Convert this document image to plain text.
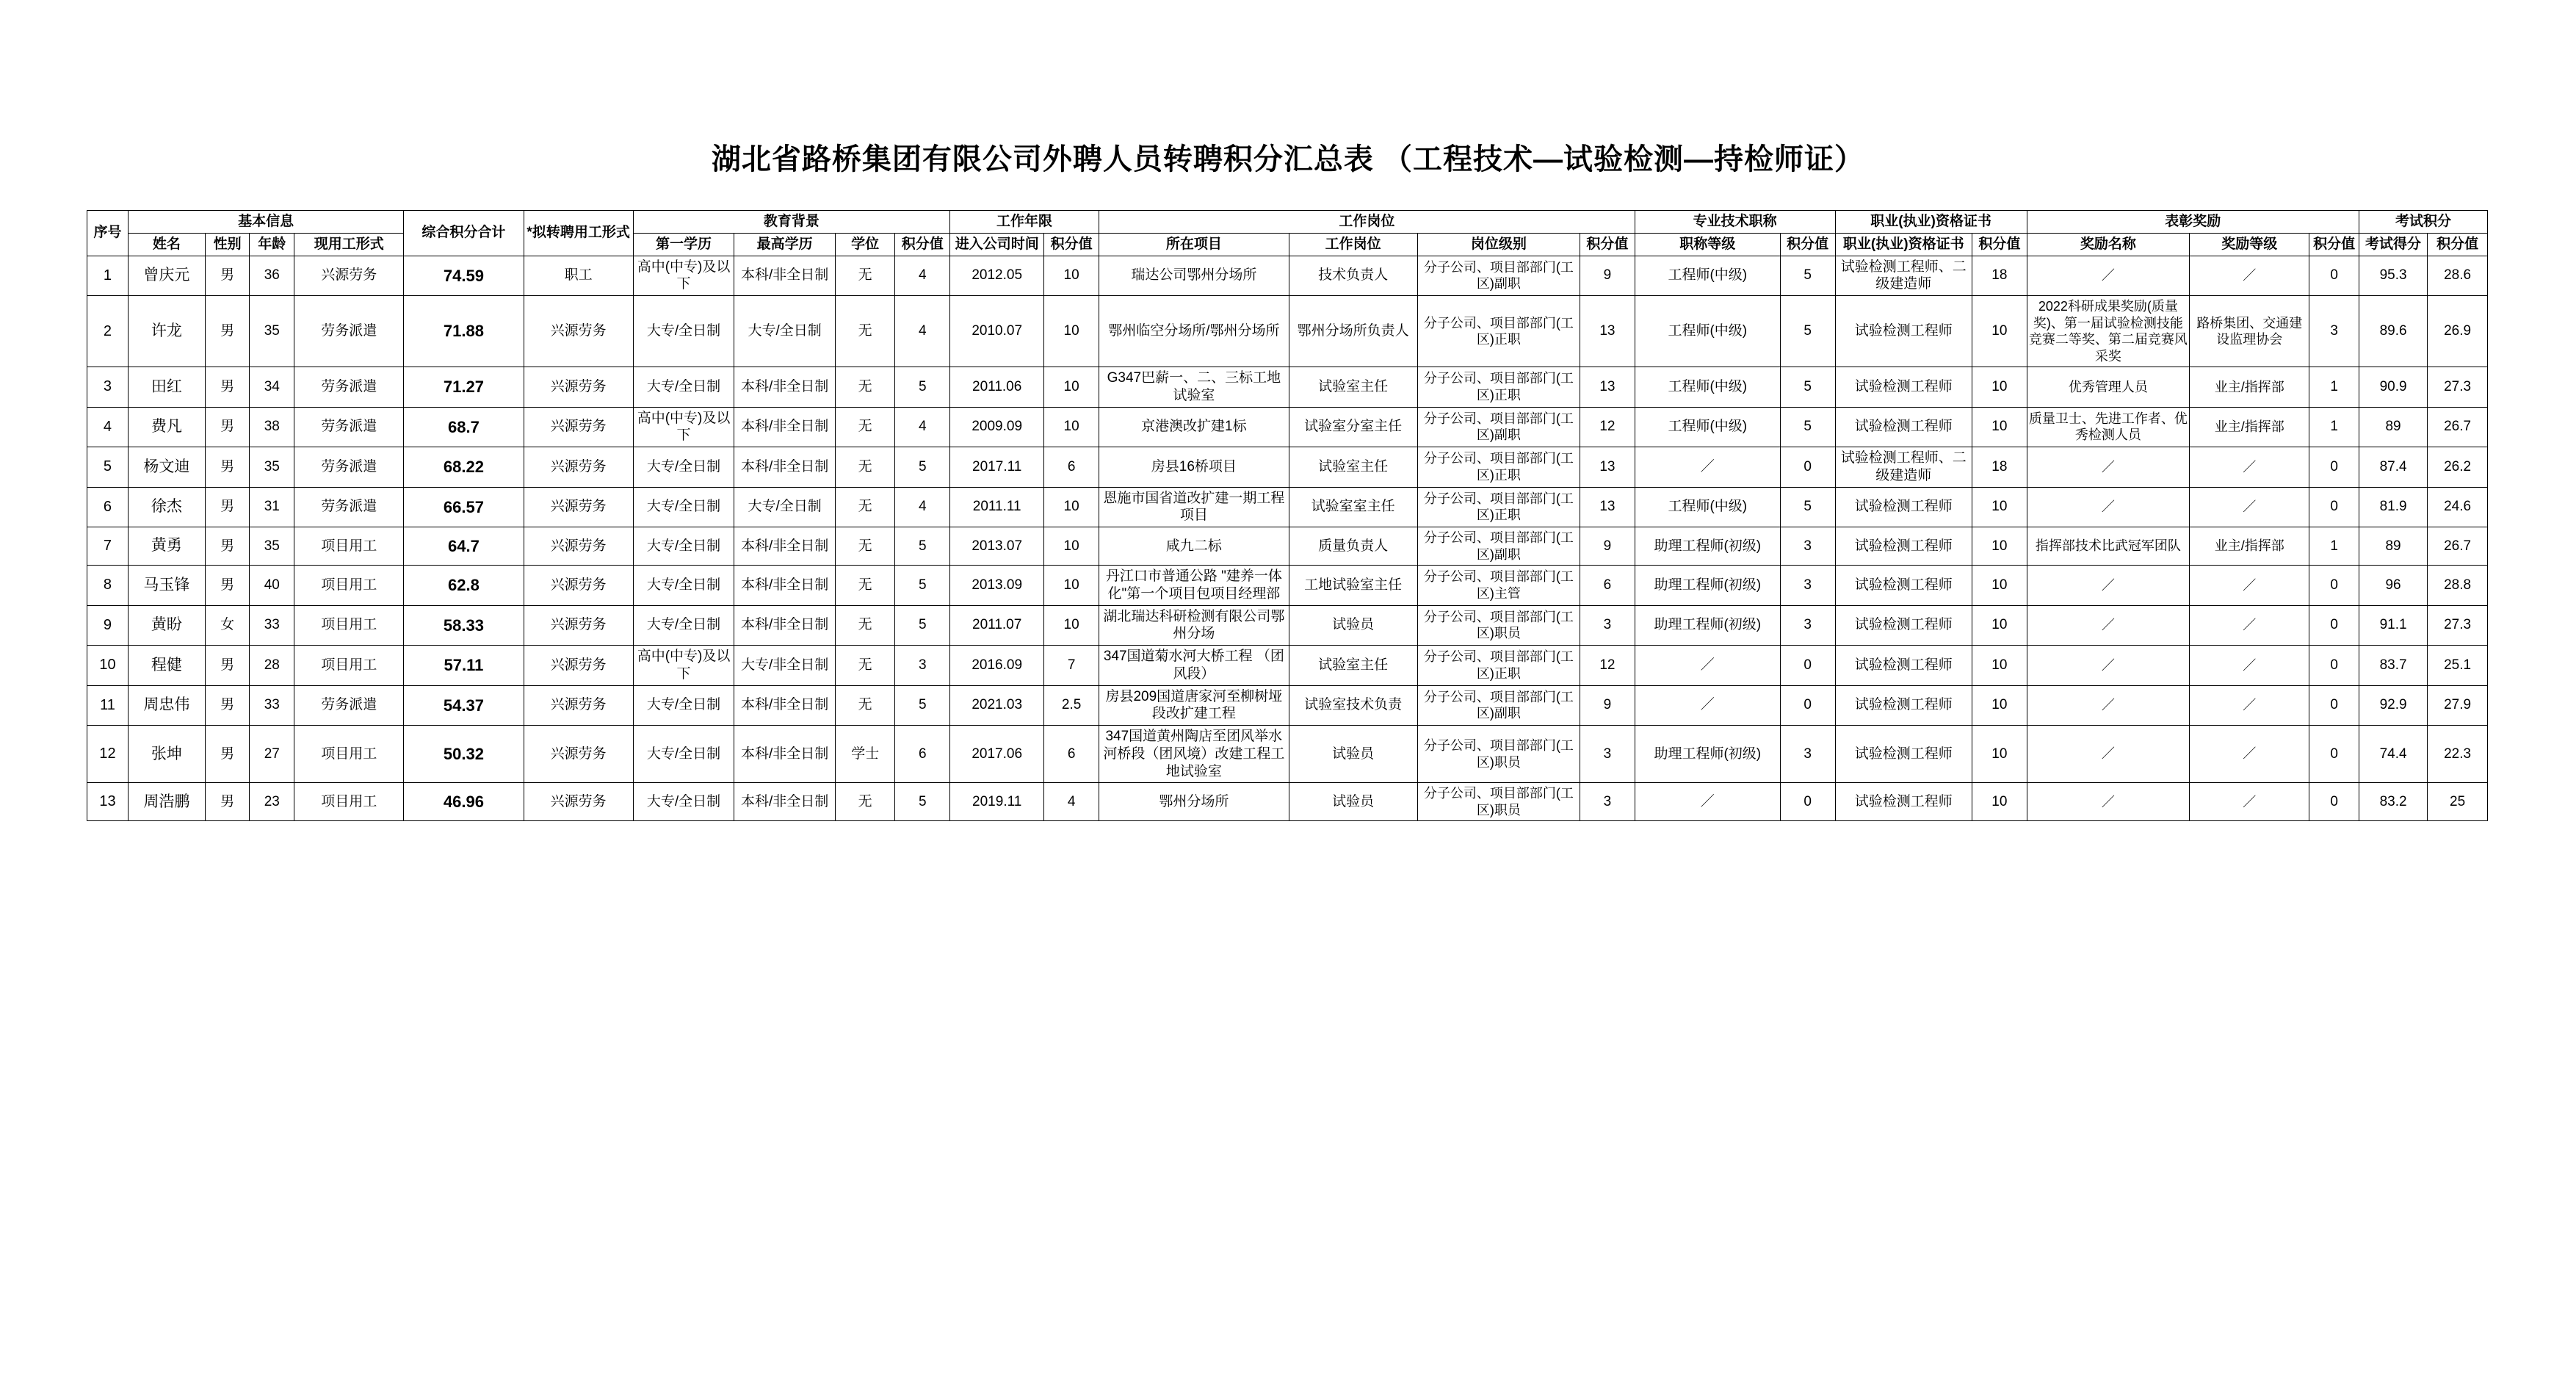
湖北省路桥集团有限公司外聘人员转聘积分汇总表 （工程技术—试验检测—持检师证）
序号	基本信息				综合积分合计	*拟转聘用工形式	教育背景				工作年限		工作岗位				专业技术职称		职业(执业)资格证书		表彰奖励			考试积分	
	姓名	性别	年龄	现用工形式			第一学历	最高学历	学位	积分值	进入公司时间	积分值	所在项目	工作岗位	岗位级别	积分值	职称等级	积分值	职业(执业)资格证书	积分值	奖励名称	奖励等级	积分值	考试得分	积分值
1	曾庆元	男	36	兴源劳务	74.59	职工	高中(中专)及以下	本科/非全日制	无	4	2012.05	10	瑞达公司鄂州分场所	技术负责人	分子公司、项目部部门(工区)副职	9	工程师(中级)	5	试验检测工程师、二级建造师	18	／	／	0	95.3	28.6
2	许龙	男	35	劳务派遣	71.88	兴源劳务	大专/全日制	大专/全日制	无	4	2010.07	10	鄂州临空分场所/鄂州分场所	鄂州分场所负责人	分子公司、项目部部门(工区)正职	13	工程师(中级)	5	试验检测工程师	10	2022科研成果奖励(质量奖)、第一届试验检测技能竞赛二等奖、第二届竞赛风采奖	路桥集团、交通建设监理协会	3	89.6	26.9
3	田红	男	34	劳务派遣	71.27	兴源劳务	大专/全日制	本科/非全日制	无	5	2011.06	10	G347巴薪一、二、三标工地试验室	试验室主任	分子公司、项目部部门(工区)正职	13	工程师(中级)	5	试验检测工程师	10	优秀管理人员	业主/指挥部	1	90.9	27.3
4	费凡	男	38	劳务派遣	68.7	兴源劳务	高中(中专)及以下	本科/非全日制	无	4	2009.09	10	京港澳改扩建1标	试验室分室主任	分子公司、项目部部门(工区)副职	12	工程师(中级)	5	试验检测工程师	10	质量卫士、先进工作者、优秀检测人员	业主/指挥部	1	89	26.7
5	杨文迪	男	35	劳务派遣	68.22	兴源劳务	大专/全日制	本科/非全日制	无	5	2017.11	6	房县16桥项目	试验室主任	分子公司、项目部部门(工区)正职	13	／	0	试验检测工程师、二级建造师	18	／	／	0	87.4	26.2
6	徐杰	男	31	劳务派遣	66.57	兴源劳务	大专/全日制	大专/全日制	无	4	2011.11	10	恩施市国省道改扩建一期工程项目	试验室室主任	分子公司、项目部部门(工区)正职	13	工程师(中级)	5	试验检测工程师	10	／	／	0	81.9	24.6
7	黄勇	男	35	项目用工	64.7	兴源劳务	大专/全日制	本科/非全日制	无	5	2013.07	10	咸九二标	质量负责人	分子公司、项目部部门(工区)副职	9	助理工程师(初级)	3	试验检测工程师	10	指挥部技术比武冠军团队	业主/指挥部	1	89	26.7
8	马玉锋	男	40	项目用工	62.8	兴源劳务	大专/全日制	本科/非全日制	无	5	2013.09	10	丹江口市普通公路 "建养一体化"第一个项目包项目经理部	工地试验室主任	分子公司、项目部部门(工区)主管	6	助理工程师(初级)	3	试验检测工程师	10	／	／	0	96	28.8
9	黄盼	女	33	项目用工	58.33	兴源劳务	大专/全日制	本科/非全日制	无	5	2011.07	10	湖北瑞达科研检测有限公司鄂州分场	试验员	分子公司、项目部部门(工区)职员	3	助理工程师(初级)	3	试验检测工程师	10	／	／	0	91.1	27.3
10	程健	男	28	项目用工	57.11	兴源劳务	高中(中专)及以下	大专/非全日制	无	3	2016.09	7	347国道菊水河大桥工程 （团风段）	试验室主任	分子公司、项目部部门(工区)正职	12	／	0	试验检测工程师	10	／	／	0	83.7	25.1
11	周忠伟	男	33	劳务派遣	54.37	兴源劳务	大专/全日制	本科/非全日制	无	5	2021.03	2.5	房县209国道唐家河至柳树垭段改扩建工程	试验室技术负责	分子公司、项目部部门(工区)副职	9	／	0	试验检测工程师	10	／	／	0	92.9	27.9
12	张坤	男	27	项目用工	50.32	兴源劳务	大专/全日制	本科/非全日制	学士	6	2017.06	6	347国道黄州陶店至团风举水河桥段（团风境）改建工程工地试验室	试验员	分子公司、项目部部门(工区)职员	3	助理工程师(初级)	3	试验检测工程师	10	／	／	0	74.4	22.3
13	周浩鹏	男	23	项目用工	46.96	兴源劳务	大专/全日制	本科/非全日制	无	5	2019.11	4	鄂州分场所	试验员	分子公司、项目部部门(工区)职员	3	／	0	试验检测工程师	10	／	／	0	83.2	25
